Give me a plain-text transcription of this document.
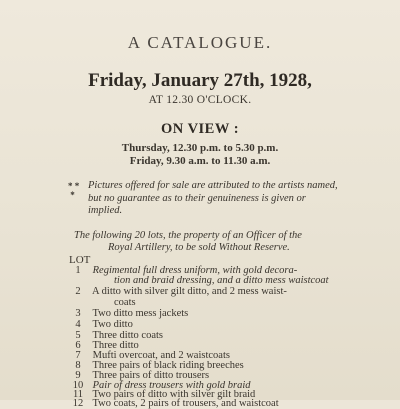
A CATALOGUE.
Friday, January 27th, 1928,
AT 12.30 O'CLOCK.
ON VIEW :
Thursday, 12.30 p.m. to 5.30 p.m.
Friday, 9.30 a.m. to 11.30 a.m.
* *
*
Pictures offered for sale are attributed to the artists named, but no guarantee as to their genuineness is given or implied.
The following 20 lots, the property of an Officer of the
Royal Artillery, to be sold Without Reserve.
LOT
1 Regimental full dress uniform, with gold decora-
tion and braid dressing, and a ditto mess waistcoat
2 A ditto with silver gilt ditto, and 2 mess waist-
coats
3 Two ditto mess jackets
4 Two ditto
5 Three ditto coats
6 Three ditto
7 Mufti overcoat, and 2 waistcoats
8 Three pairs of black riding breeches
9 Three pairs of ditto trousers
10 Pair of dress trousers with gold braid
11 Two pairs of ditto with silver gilt braid
12 Two coats, 2 pairs of trousers, and waistcoat
